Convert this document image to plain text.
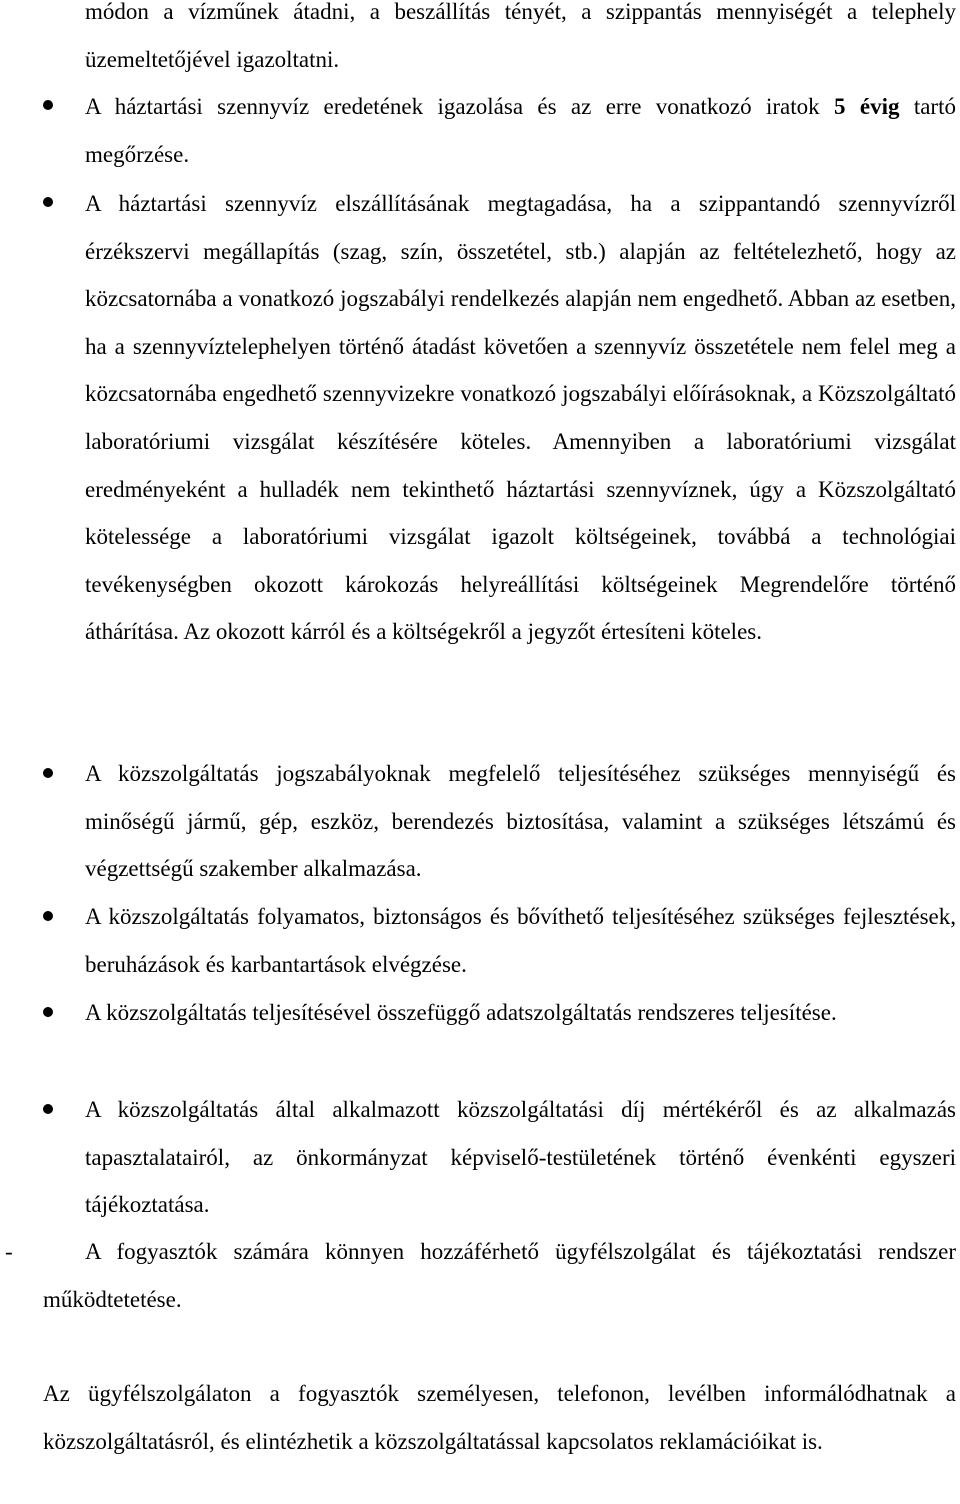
módon a vízműnek átadni, a beszállítás tényét, a szippantás mennyiségét a telephely üzemeltetőjével igazoltatni.

A háztartási szennyvíz eredetének igazolása és az erre vonatkozó iratok 5 évig tartó megőrzése.

A háztartási szennyvíz elszállításának megtagadása, ha a szippantandó szennyvízről érzékszervi megállapítás (szag, szín, összetétel, stb.) alapján az feltételezhető, hogy az közcsatornába a vonatkozó jogszabályi rendelkezés alapján nem engedhető. Abban az esetben, ha a szennyvíztelephelyen történő átadást követően a szennyvíz összetétele nem felel meg a közcsatornába engedhető szennyvizekre vonatkozó jogszabályi előírásoknak, a Közszolgáltató laboratóriumi vizsgálat készítésére köteles. Amennyiben a laboratóriumi vizsgálat eredményeként a hulladék nem tekinthető háztartási szennyvíznek, úgy a Közszolgáltató kötelessége a laboratóriumi vizsgálat igazolt költségeinek, továbbá a technológiai tevékenységben okozott károkozás helyreállítási költségeinek Megrendelőre történő áthárítása. Az okozott kárról és a költségekről a jegyzőt értesíteni köteles.

A közszolgáltatás jogszabályoknak megfelelő teljesítéséhez szükséges mennyiségű és minőségű jármű, gép, eszköz, berendezés biztosítása, valamint a szükséges létszámú és végzettségű szakember alkalmazása.

A közszolgáltatás folyamatos, biztonságos és bővíthető teljesítéséhez szükséges fejlesztések, beruházások és karbantartások elvégzése.

A közszolgáltatás teljesítésével összefüggő adatszolgáltatás rendszeres teljesítése.

A közszolgáltatás által alkalmazott közszolgáltatási díj mértékéről és az alkalmazás tapasztalatairól, az önkormányzat képviselő-testületének történő évenkénti egyszeri tájékoztatása.

-	A fogyasztók számára könnyen hozzáférhető ügyfélszolgálat és tájékoztatási rendszer működtetetése.

Az ügyfélszolgálaton a fogyasztók személyesen, telefonon, levélben informálódhatnak a közszolgáltatásról, és elintézhetik a közszolgáltatással kapcsolatos reklamációikat is.
